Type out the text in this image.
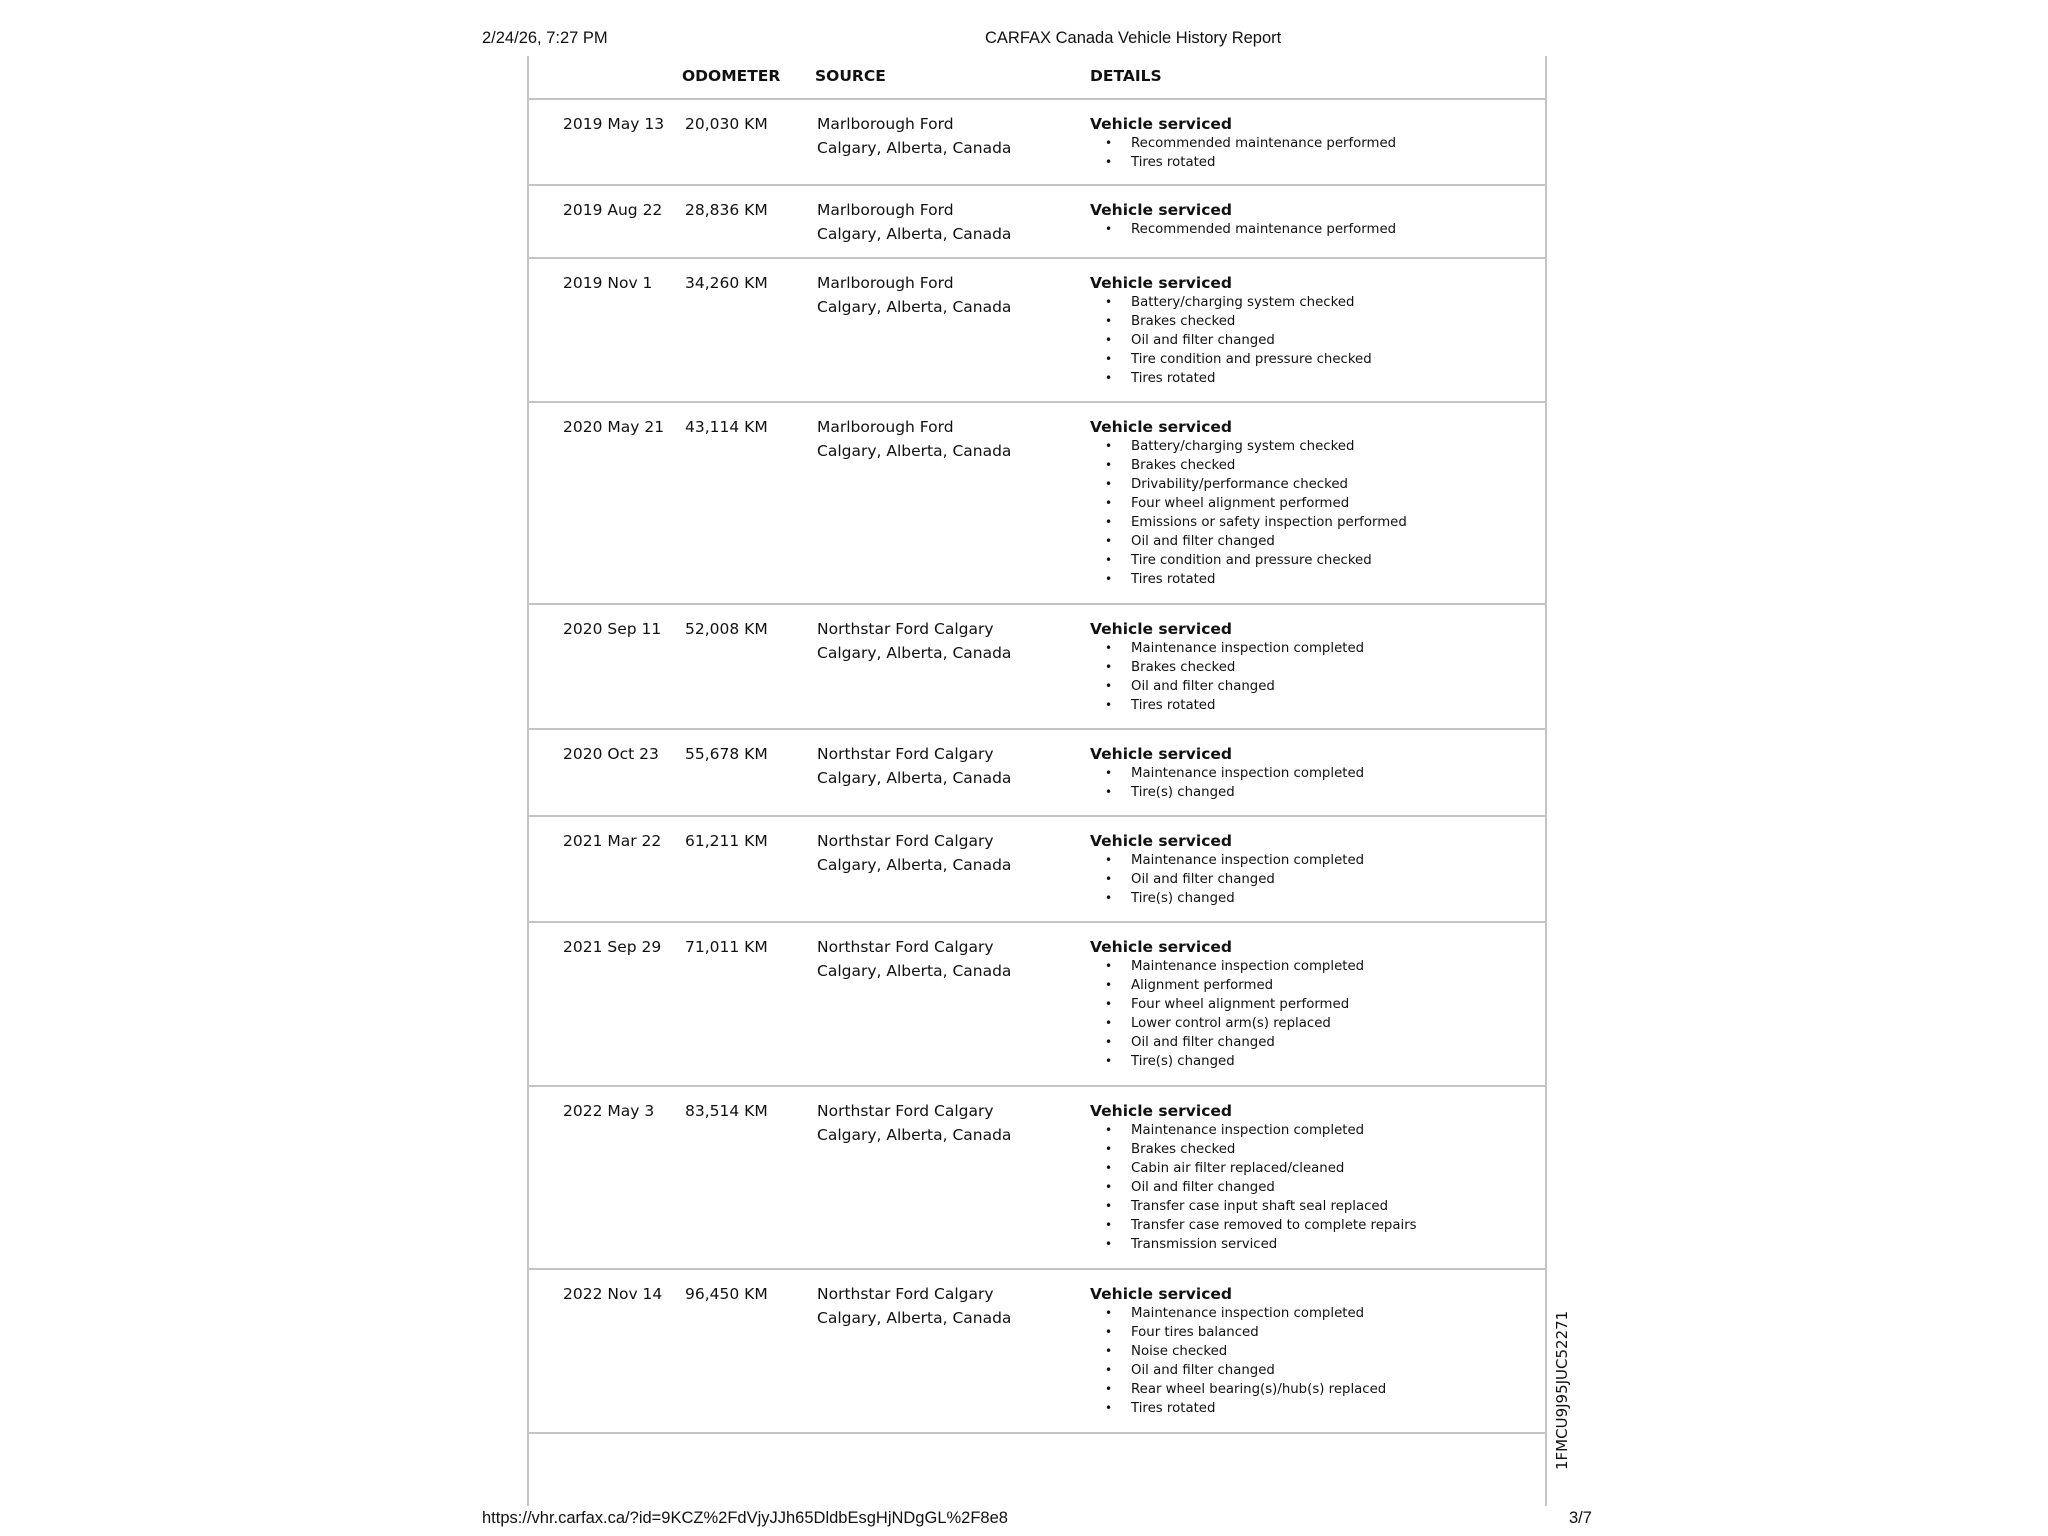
2/24/26, 7:27 PM	CARFAX Canada Vehicle History Report
ODOMETER SOURCE	DETAILS
2019 May 13 20,030 KM	Marlborough Ford
Calgary, Alberta, Canada
Vehicle serviced
• Recommended maintenance performed
• Tires rotated
2019 Aug 22 28,836 KM	Marlborough Ford
Calgary, Alberta, Canada
Vehicle serviced
• Recommended maintenance performed
2019 Nov 1 34,260 KM	Marlborough Ford
Calgary, Alberta, Canada
Vehicle serviced
• Battery/charging system checked
• Brakes checked
• Oil and filter changed
• Tire condition and pressure checked
• Tires rotated
2020 May 21 43,114 KM	Marlborough Ford
Calgary, Alberta, Canada
Vehicle serviced
• Battery/charging system checked
• Brakes checked
• Drivability/performance checked
• Four wheel alignment performed
• Emissions or safety inspection performed
• Oil and filter changed
• Tire condition and pressure checked
• Tires rotated
2020 Sep 11 52,008 KM	Northstar Ford Calgary
Calgary, Alberta, Canada
Vehicle serviced
• Maintenance inspection completed
• Brakes checked
• Oil and filter changed
• Tires rotated
2020 Oct 23 55,678 KM	Northstar Ford Calgary
Calgary, Alberta, Canada
Vehicle serviced
• Maintenance inspection completed
• Tire(s) changed
2021 Mar 22 61,211 KM	Northstar Ford Calgary
Calgary, Alberta, Canada
Vehicle serviced
• Maintenance inspection completed
• Oil and filter changed
• Tire(s) changed
2021 Sep 29 71,011 KM	Northstar Ford Calgary
Calgary, Alberta, Canada
Vehicle serviced
• Maintenance inspection completed
• Alignment performed
• Four wheel alignment performed
• Lower control arm(s) replaced
• Oil and filter changed
• Tire(s) changed
2022 May 3 83,514 KM	Northstar Ford Calgary
Calgary, Alberta, Canada
Vehicle serviced
• Maintenance inspection completed
• Brakes checked
• Cabin air filter replaced/cleaned
• Oil and filter changed
• Transfer case input shaft seal replaced
• Transfer case removed to complete repairs
• Transmission serviced
2022 Nov 14 96,450 KM	Northstar Ford Calgary
Calgary, Alberta, Canada
Vehicle serviced
• Maintenance inspection completed
• Four tires balanced
• Noise checked
• Oil and filter changed
• Rear wheel bearing(s)/hub(s) replaced
• Tires rotated	1FMCU9J95JUC52271
https://vhr.carfax.ca/?id=9KCZ%2FdVjyJJh65DldbEsgHjNDgGL%2F8e8	3/7
